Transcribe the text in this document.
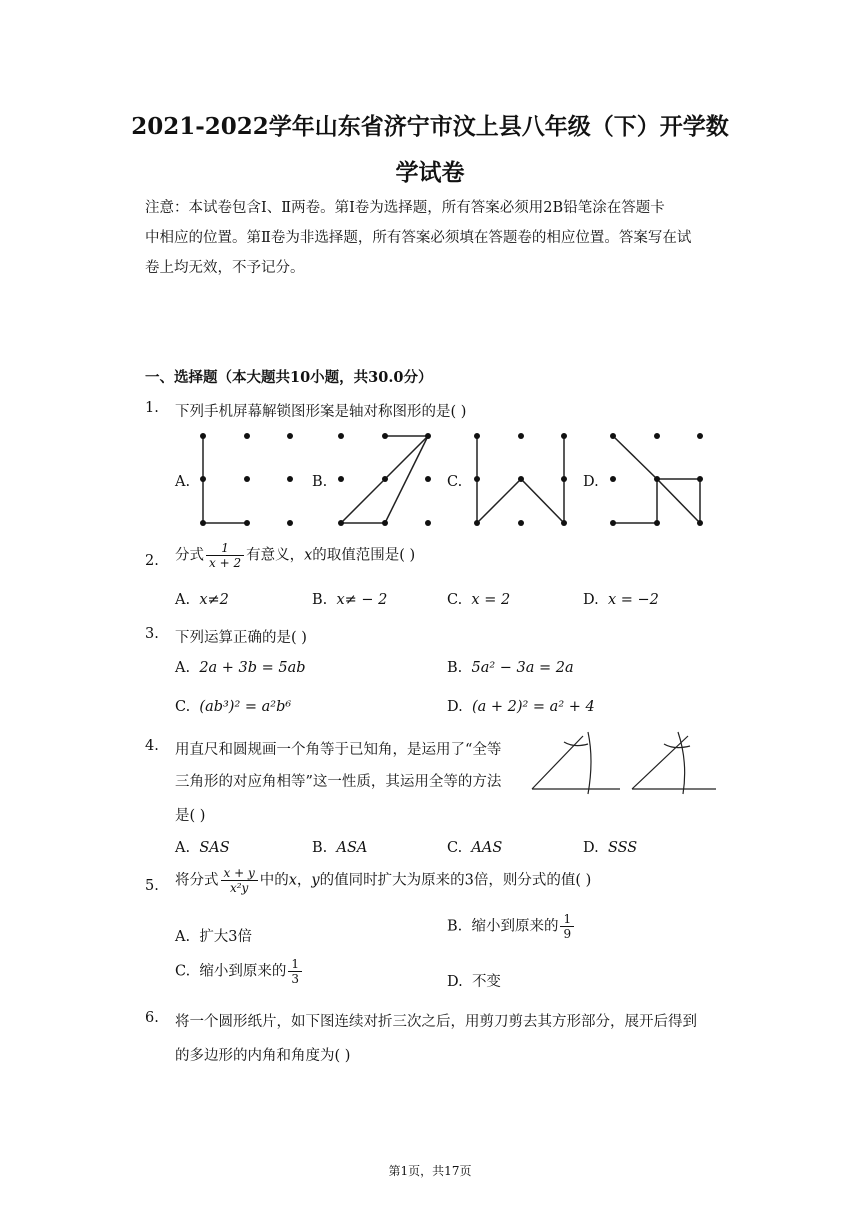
2021-2022学年山东省济宁市汶上县八年级（下）开学数
学试卷
注意：本试卷包含Ⅰ、Ⅱ两卷。第Ⅰ卷为选择题，所有答案必须用2B铅笔涂在答题卡
中相应的位置。第Ⅱ卷为非选择题，所有答案必须填在答题卷的相应位置。答案写在试
卷上均无效，不予记分。
一、选择题（本大题共10小题，共30.0分）
1. 下列手机屏幕解锁图形案是轴对称图形的是( )
A.	B.	C.	D.
2. 分式 $\frac{1}{x + 2}$ 有意义，x的取值范围是( )
A. x≠2	B. x≠ − 2	C. x = 2	D. x = −2
3. 下列运算正确的是( )
A. 2a + 3b = 5ab	B. 5a² − 3a = 2a
C. (ab³)² = a²b⁶	D. (a + 2)² = a² + 4
4. 用直尺和圆规画一个角等于已知角，是运用了“全等
三角形的对应角相等”这一性质，其运用全等的方法
是( )
A. SAS	B. ASA	C. AAS	D. SSS
5. 将分式 $\frac{x + y}{\text{x²y}}$ 中的x，y的值同时扩大为原来的3倍，则分式的值( )
A. 扩大3倍
B. 缩小到原来的 $\frac{1}{9}$
C. 缩小到原来的 $\frac{1}{3}$	D. 不变
6. 将一个圆形纸片，如下图连续对折三次之后，用剪刀剪去其方形部分，展开后得到
的多边形的内角和角度为( )
第1页，共17页
